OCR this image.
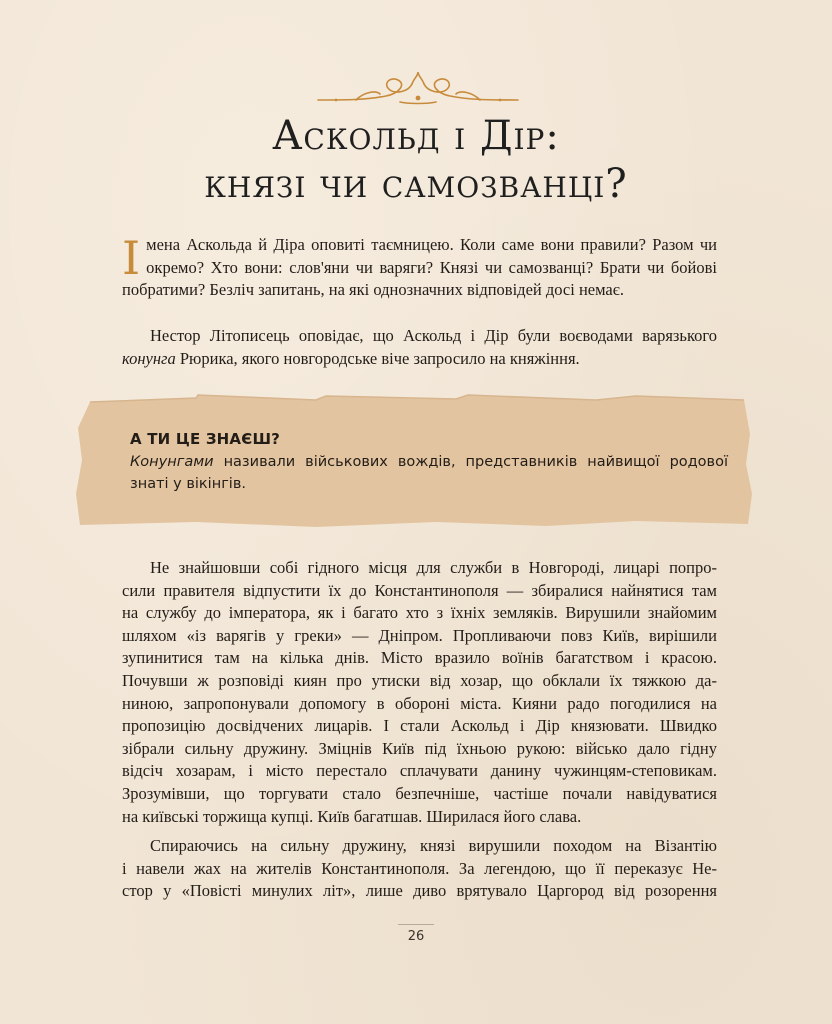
Аскольд і Дір:
князі чи самозванці?

Імена Аскольда й Діра оповиті таємницею. Коли саме вони правили? Разом чи окремо? Хто вони: слов'яни чи варяги? Князі чи самозванці? Брати чи бойові побратими? Безліч запитань, на які однозначних відповідей досі немає.

Нестор Літописець оповідає, що Аскольд і Дір були воєводами варязького конунга Рюрика, якого новгородське віче запросило на княжіння.

А ТИ ЦЕ ЗНАЄШ?

Конунгами називали військових вождів, представників найвищої родової знаті у вікінгів.

Не знайшовши собі гідного місця для служби в Новгороді, лицарі попро-
сили правителя відпустити їх до Константинополя — збиралися найнятися там
на службу до імператора, як і багато хто з їхніх земляків. Вирушили знайомим
шляхом «із варягів у греки» — Дніпром. Пропливаючи повз Київ, вирішили
зупинитися там на кілька днів. Місто вразило воїнів багатством і красою.
Почувши ж розповіді киян про утиски від хозар, що обклали їх тяжкою да-
ниною, запропонували допомогу в обороні міста. Кияни радо погодилися на
пропозицію досвідчених лицарів. І стали Аскольд і Дір князювати. Швидко
зібрали сильну дружину. Зміцнів Київ під їхньою рукою: військо дало гідну
відсіч хозарам, і місто перестало сплачувати данину чужинцям-степовикам.
Зрозумівши, що торгувати стало безпечніше, частіше почали навідуватися
на київські торжища купці. Київ багатшав. Ширилася його слава.

Спираючись на сильну дружину, князі вирушили походом на Візантію
і навели жах на жителів Константинополя. За легендою, що її переказує Не-
стор у «Повісті минулих літ», лише диво врятувало Царгород від розорення

26
